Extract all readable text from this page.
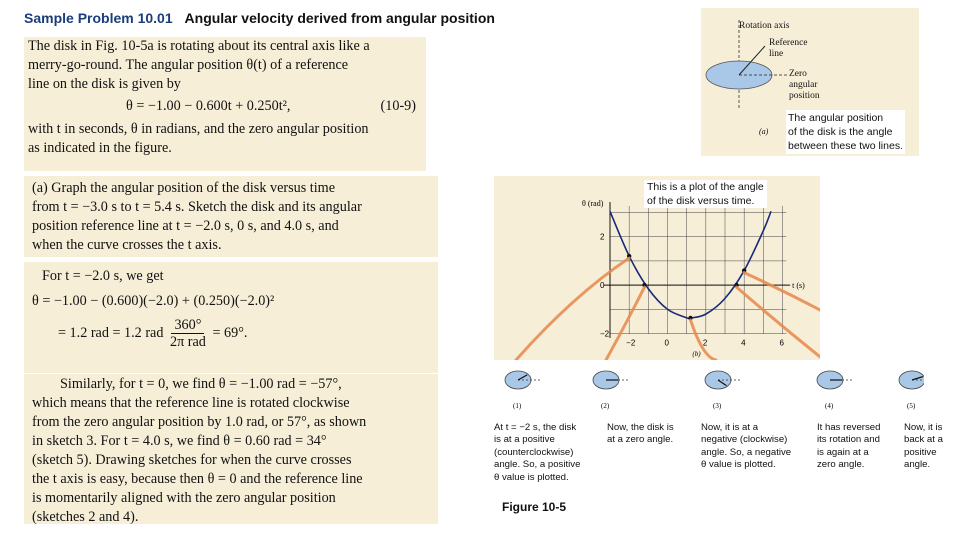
Sample Problem 10.01 Angular velocity derived from angular position
The disk in Fig. 10-5a is rotating about its central axis like a
merry-go-round. The angular position θ(t) of a reference
line on the disk is given by
θ = −1.00 − 0.600t + 0.250t²,	(10-9)
with t in seconds, θ in radians, and the zero angular position
as indicated in the figure.
(a) Graph the angular position of the disk versus time
from t = −3.0 s to t = 5.4 s. Sketch the disk and its angular
position reference line at t = −2.0 s, 0 s, and 4.0 s, and
when the curve crosses the t axis.
For t = −2.0 s, we get
θ = −1.00 − (0.600)(−2.0) + (0.250)(−2.0)²
= 1.2 rad = 1.2 rad $\frac{360^\circ}{\text{2π rad}} = 69^\circ$.
Similarly, for t = 0, we find θ = −1.00 rad = −57°,
which means that the reference line is rotated clockwise
from the zero angular position by 1.0 rad, or 57°, as shown
in sketch 3. For t = 4.0 s, we find θ = 0.60 rad = 34°
(sketch 5). Drawing sketches for when the curve crosses
the t axis is easy, because then θ = 0 and the reference line
is momentarily aligned with the zero angular position
(sketches 2 and 4).
Rotation axis
Reference
line
Zero
angular
position
(a)
The angular position
of the disk is the angle
between these two lines.
θ (rad)
t (s)
−2	0	2	4	6
2
0
−2
(b)
This is a plot of the angle
of the disk versus time.
(1)	(2)	(3)	(4)	(5)
At t = −2 s, the disk
is at a positive
(counterclockwise)
angle. So, a positive
θ value is plotted.
Now, the disk is
at a zero angle.
Now, it is at a
negative (clockwise)
angle. So, a negative
θ value is plotted.
It has reversed
its rotation and
is again at a
zero angle.
Now, it is
back at a
positive
angle.
Figure 10-5
